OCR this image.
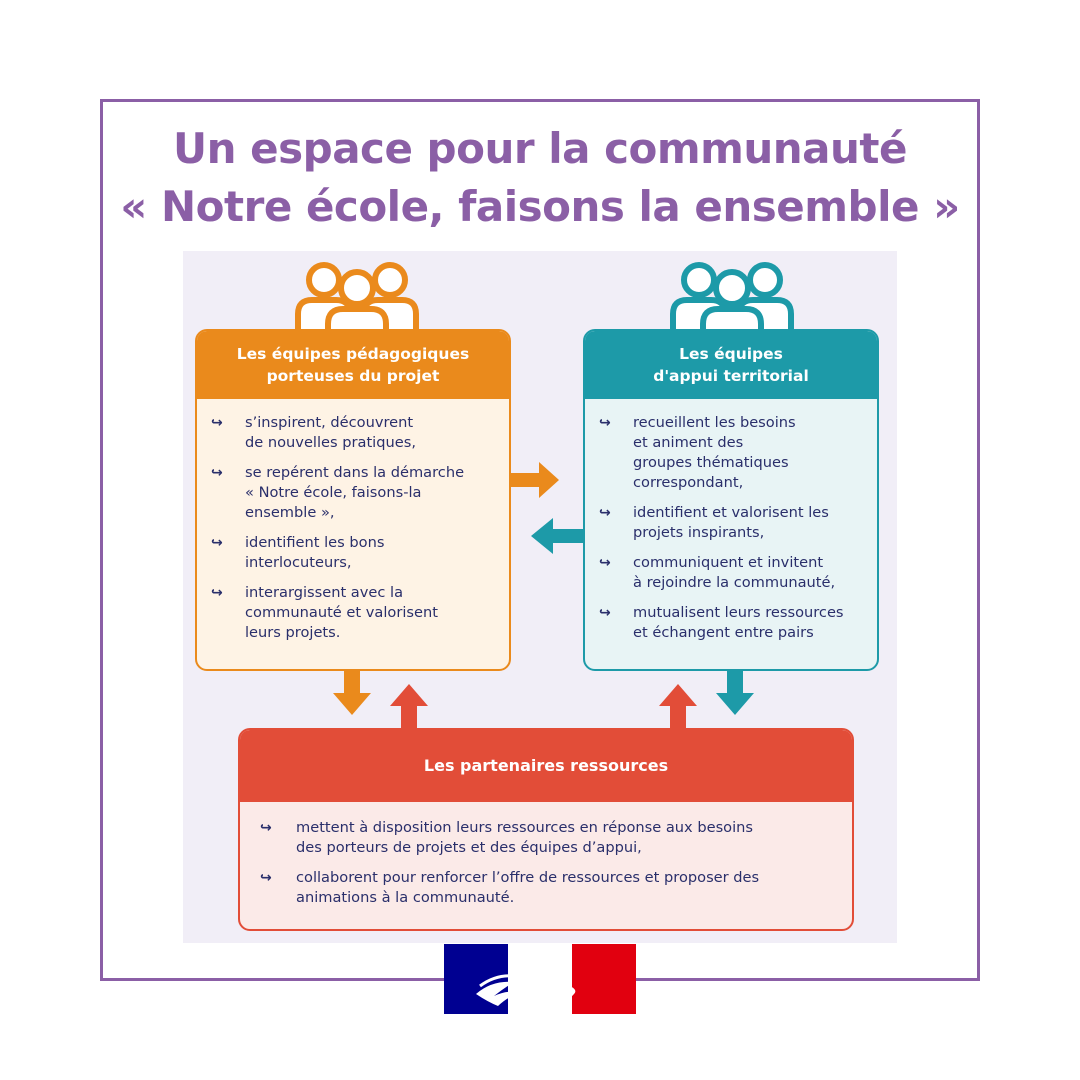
Un espace pour la communauté
« Notre école, faisons la ensemble »
Les équipes pédagogiques
porteuses du projet
↪	s’inspirent, découvrent
de nouvelles pratiques,
↪	se repérent dans la démarche
« Notre école, faisons-la
ensemble »,
↪	identifient les bons
interlocuteurs,
↪	interargissent avec la
communauté et valorisent
leurs projets.
Les équipes
d'appui territorial
↪	recueillent les besoins
et animent des
groupes thématiques
correspondant,
↪	identifient et valorisent les
projets inspirants,
↪	communiquent et invitent
à rejoindre la communauté,
↪	mutualisent leurs ressources
et échangent entre pairs
Les partenaires ressources
↪	mettent à disposition leurs ressources en réponse aux besoins
des porteurs de projets et des équipes d’appui,
↪	collaborent pour renforcer l’offre de ressources et proposer des
animations à la communauté.
